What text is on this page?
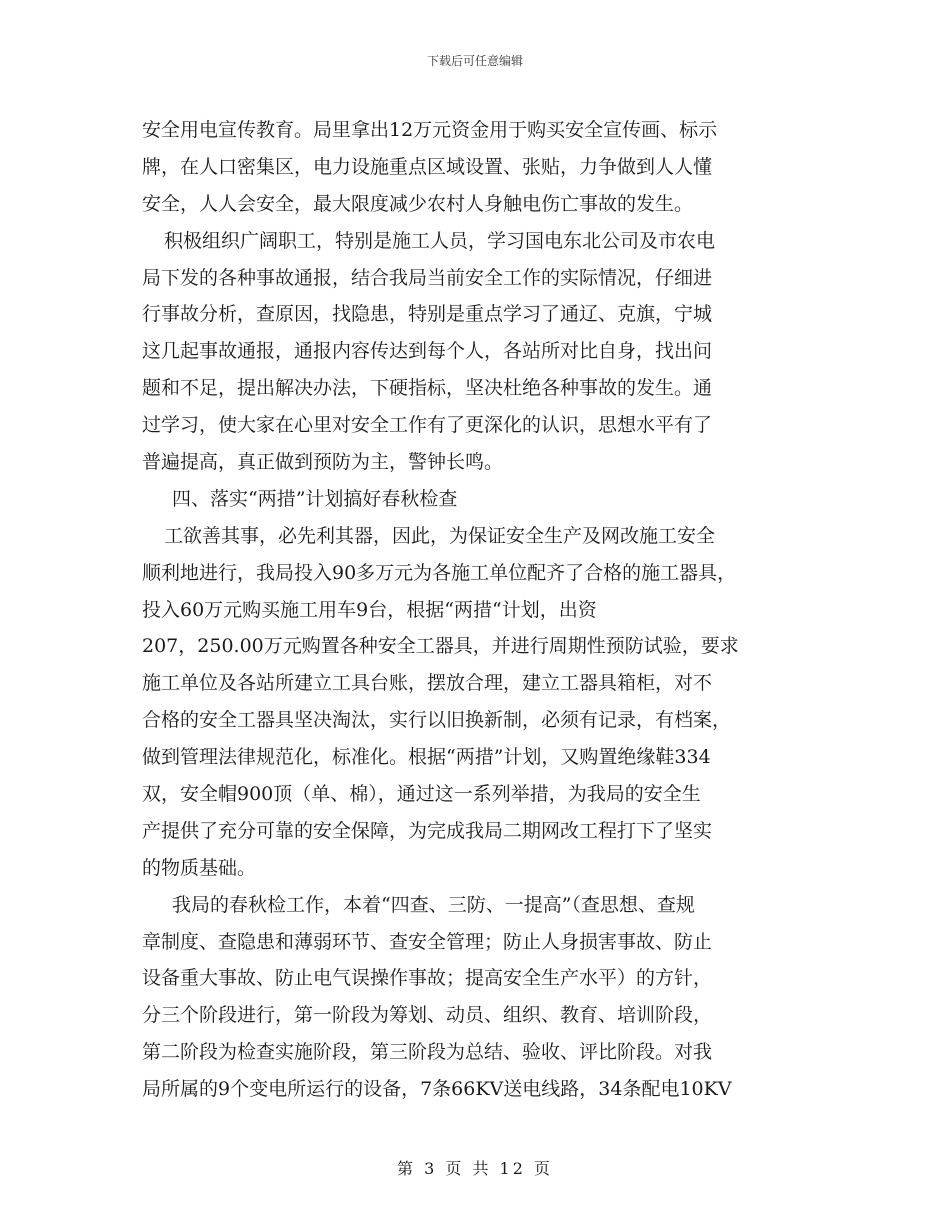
下载后可任意编辑
安全用电宣传教育。局里拿出12万元资金用于购买安全宣传画、标示
牌，在人口密集区，电力设施重点区域设置、张贴，力争做到人人懂
安全，人人会安全，最大限度减少农村人身触电伤亡事故的发生。
积极组织广阔职工，特别是施工人员，学习国电东北公司及市农电
局下发的各种事故通报，结合我局当前安全工作的实际情况，仔细进
行事故分析，查原因，找隐患，特别是重点学习了通辽、克旗，宁城
这几起事故通报，通报内容传达到每个人，各站所对比自身，找出问
题和不足，提出解决办法，下硬指标，坚决杜绝各种事故的发生。通
过学习，使大家在心里对安全工作有了更深化的认识，思想水平有了
普遍提高，真正做到预防为主，警钟长鸣。
四、落实“两措”计划搞好春秋检查
工欲善其事，必先利其器，因此，为保证安全生产及网改施工安全
顺利地进行，我局投入90多万元为各施工单位配齐了合格的施工器具，
投入60万元购买施工用车9台，根据“两措“计划，出资
207，250.00万元购置各种安全工器具，并进行周期性预防试验，要求
施工单位及各站所建立工具台账，摆放合理，建立工器具箱柜，对不
合格的安全工器具坚决淘汰，实行以旧换新制，必须有记录，有档案，
做到管理法律规范化，标准化。根据“两措”计划，又购置绝缘鞋334
双，安全帽900顶（单、棉），通过这一系列举措，为我局的安全生
产提供了充分可靠的安全保障，为完成我局二期网改工程打下了坚实
的物质基础。
我局的春秋检工作，本着“四查、三防、一提高”（查思想、查规
章制度、查隐患和薄弱环节、查安全管理；防止人身损害事故、防止
设备重大事故、防止电气误操作事故；提高安全生产水平）的方针，
分三个阶段进行，第一阶段为筹划、动员、组织、教育、培训阶段，
第二阶段为检查实施阶段，第三阶段为总结、验收、评比阶段。对我
局所属的9个变电所运行的设备，7条66KV送电线路，34条配电10KV
第 3 页 共 12 页
